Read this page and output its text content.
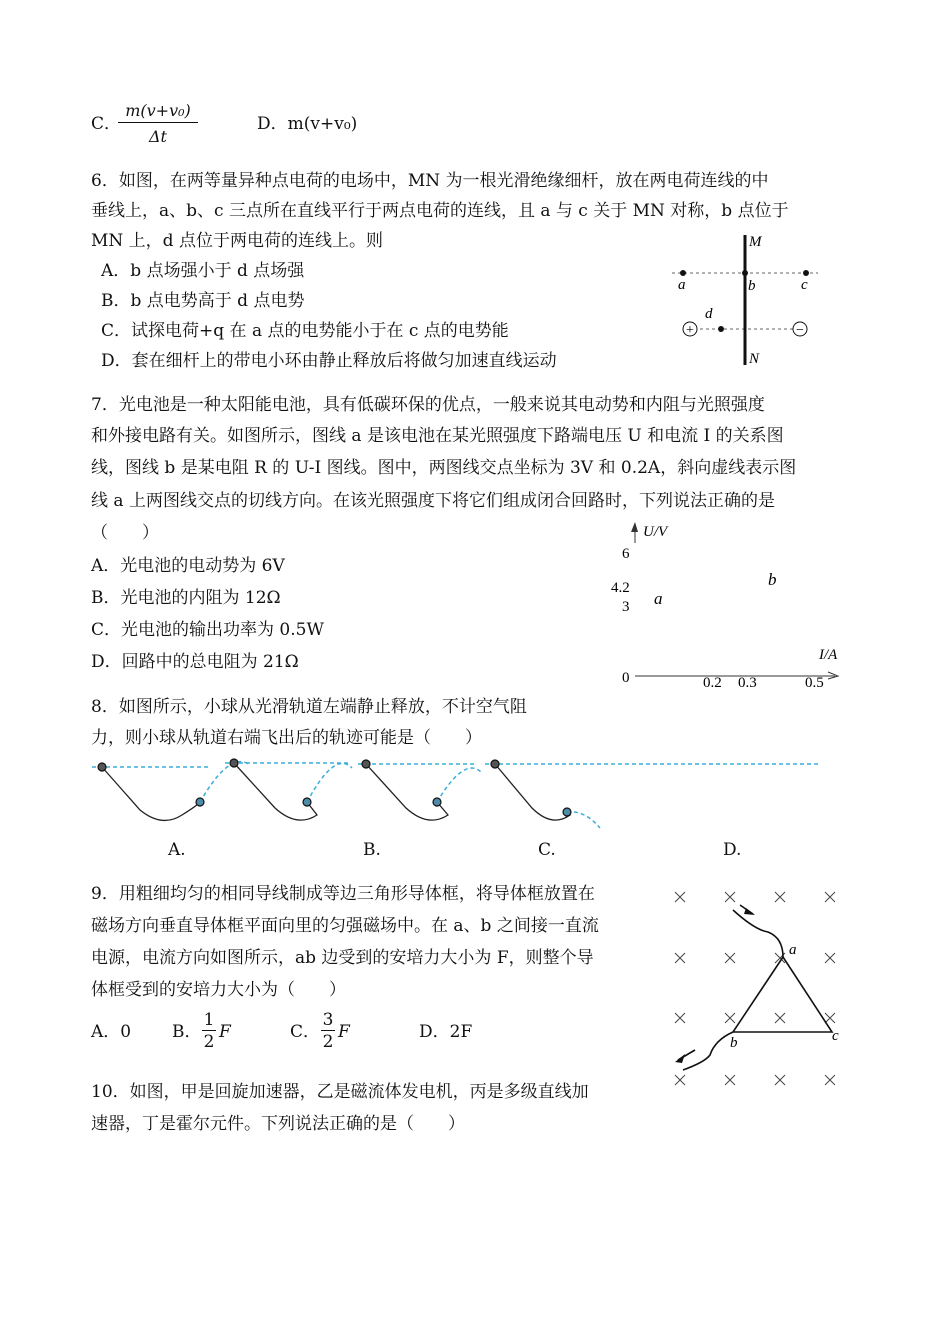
C．
m(v+v₀)
Δt
D．m(v+v₀)
6．如图，在两等量异种点电荷的电场中，MN 为一根光滑绝缘细杆，放在两电荷连线的中
垂线上，a、b、c 三点所在直线平行于两点电荷的连线，且 a 与 c 关于 MN 对称，b 点位于
MN 上，d 点位于两电荷的连线上。则
A．b 点场强小于 d 点场强
B．b 点电势高于 d 点电势
C．试探电荷+q 在 a 点的电势能小于在 c 点的电势能
D．套在细杆上的带电小环由静止释放后将做匀加速直线运动
+	−
M
N
a	b	c
d
7．光电池是一种太阳能电池，具有低碳环保的优点，一般来说其电动势和内阻与光照强度
和外接电路有关。如图所示，图线 a 是该电池在某光照强度下路端电压 U 和电流 I 的关系图
线，图线 b 是某电阻 R 的 U-I 图线。图中，两图线交点坐标为 3V 和 0.2A，斜向虚线表示图
线 a 上两图线交点的切线方向。在该光照强度下将它们组成闭合回路时，下列说法正确的是
（　　）
A．光电池的电动势为 6V
B．光电池的内阻为 12Ω
C．光电池的输出功率为 0.5W
D．回路中的总电阻为 21Ω
U/V
I/A
6
4.2
3
0	0.2 0.3	0.5
a
b
8．如图所示，小球从光滑轨道左端静止释放，不计空气阻
力，则小球从轨道右端飞出后的轨迹可能是（　　）
A.	B.	C.	D.
9．用粗细均匀的相同导线制成等边三角形导体框，将导体框放置在
磁场方向垂直导体框平面向里的匀强磁场中。在 a、b 之间接一直流
电源，电流方向如图所示，ab 边受到的安培力大小为 F，则整个导
体框受到的安培力大小为（　　）
A．0 B．
1
2 F	C．
3
2 F	D．2F
a
b	c
10．如图，甲是回旋加速器，乙是磁流体发电机，丙是多级直线加
速器，丁是霍尔元件。下列说法正确的是（　　）
